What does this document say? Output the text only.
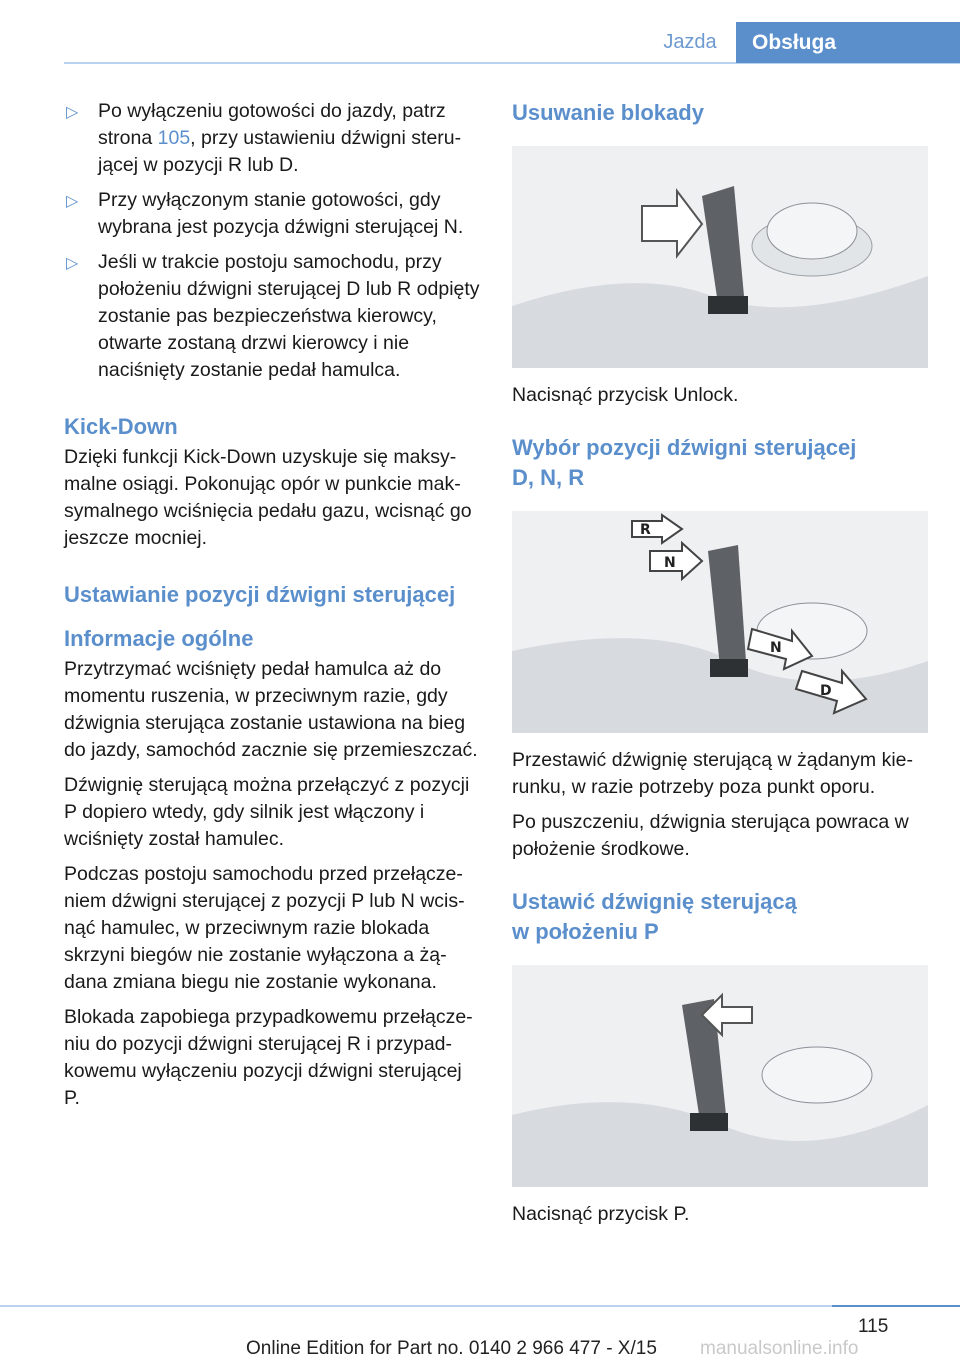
Jazda	Obsługa
▷ Po wyłączeniu gotowości do jazdy, patrz strona 105, przy ustawieniu dźwigni sterującej w pozycji R lub D.
▷ Przy wyłączonym stanie gotowości, gdy wybrana jest pozycja dźwigni sterującej N.
▷ Jeśli w trakcie postoju samochodu, przy położeniu dźwigni sterującej D lub R odpięty zostanie pas bezpieczeństwa kierowcy, otwarte zostaną drzwi kierowcy i nie naciśnięty zostanie pedał hamulca.
Kick-Down

Dzięki funkcji Kick-Down uzyskuje się maksymalne osiągi. Pokonując opór w punkcie maksymalnego wciśnięcia pedału gazu, wcisnąć go jeszcze mocniej.

Ustawianie pozycji dźwigni sterującej
Informacje ogólne

Przytrzymać wciśnięty pedał hamulca aż do momentu ruszenia, w przeciwnym razie, gdy dźwignia sterująca zostanie ustawiona na bieg do jazdy, samochód zacznie się przemieszczać.

Dźwignię sterującą można przełączyć z pozycji P dopiero wtedy, gdy silnik jest włączony i wciśnięty został hamulec.

Podczas postoju samochodu przed przełączeniem dźwigni sterującej z pozycji P lub N wcisnąć hamulec, w przeciwnym razie blokada skrzyni biegów nie zostanie wyłączona a żądana zmiana biegu nie zostanie wykonana.

Blokada zapobiega przypadkowemu przełączeniu do pozycji dźwigni sterującej R i przypadkowemu wyłączeniu pozycji dźwigni sterującej P.

Usuwanie blokady
Nacisnąć przycisk Unlock.
Wybór pozycji dźwigni sterującej
D, N, R
R
N
N
D
Przestawić dźwignię sterującą w żądanym kierunku, w razie potrzeby poza punkt oporu.
Po puszczeniu, dźwignia sterująca powraca w położenie środkowe.
Ustawić dźwignię sterującą
w położeniu P
Nacisnąć przycisk P.
115
Online Edition for Part no. 0140 2 966 477 - X/15 manualsonline.info
